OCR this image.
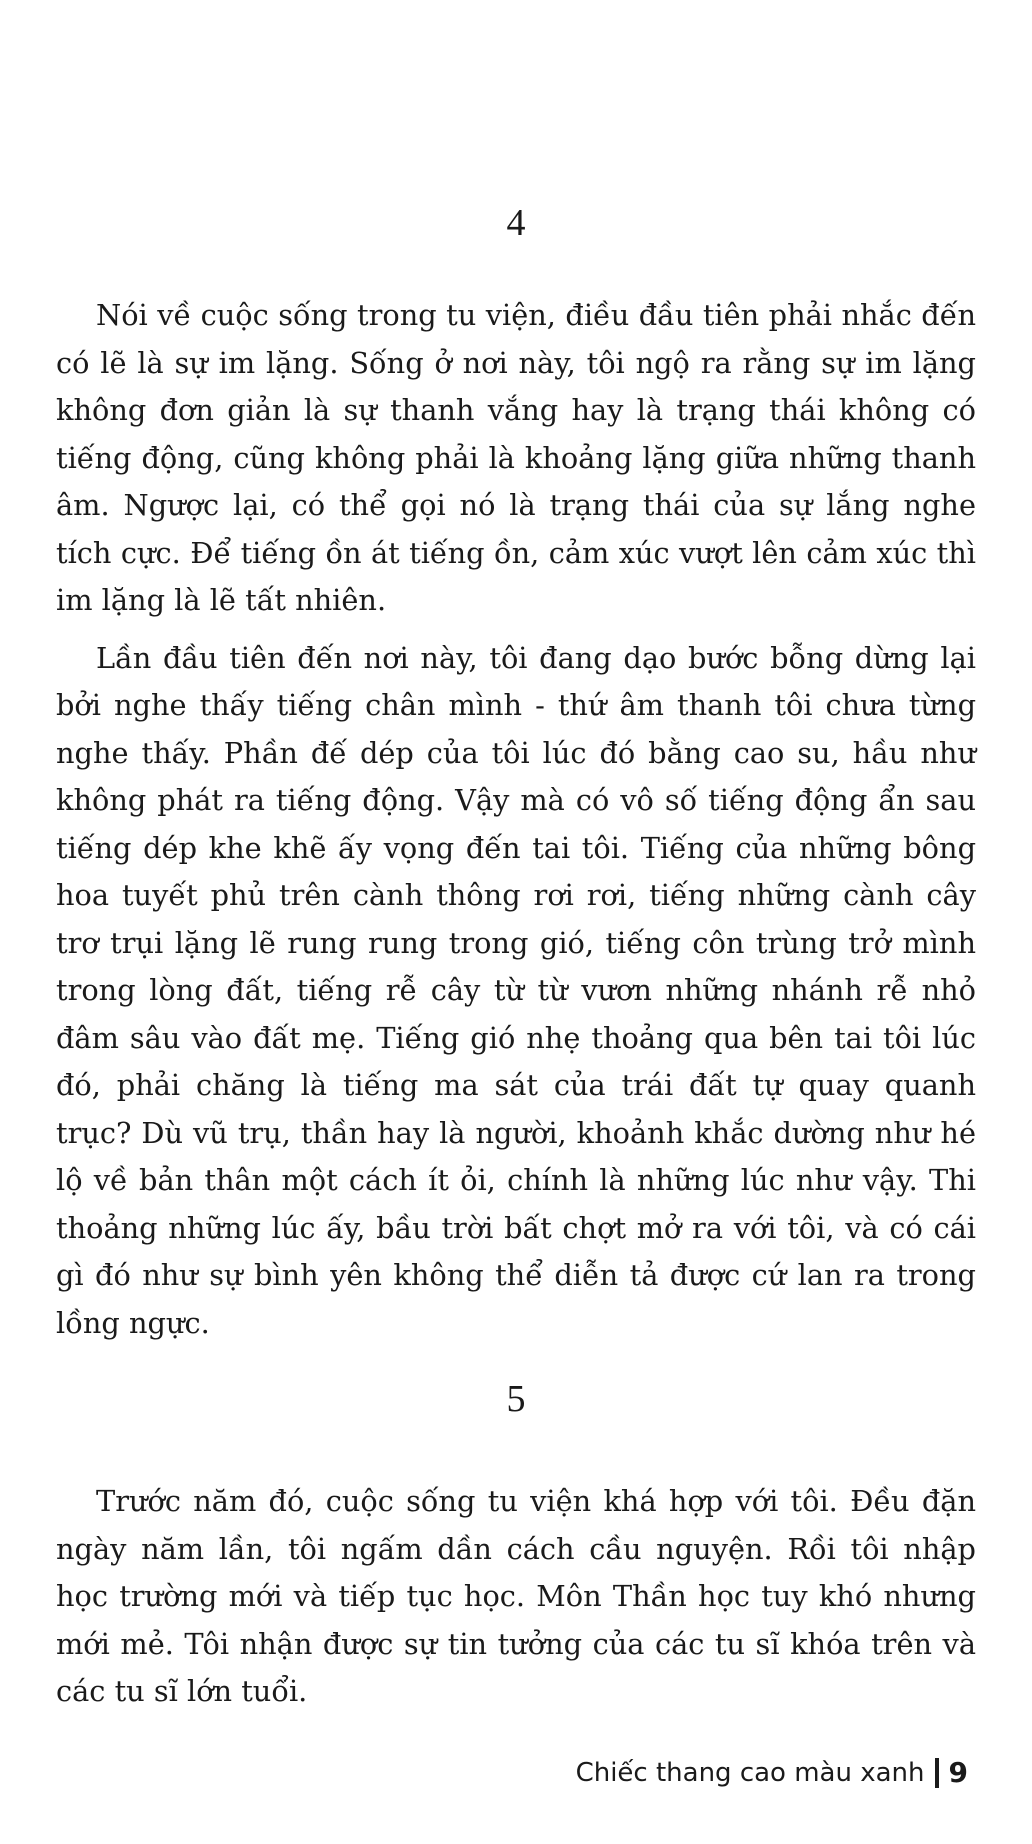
4

Nói về cuộc sống trong tu viện, điều đầu tiên phải nhắc đến có lẽ là sự im lặng. Sống ở nơi này, tôi ngộ ra rằng sự im lặng không đơn giản là sự thanh vắng hay là trạng thái không có tiếng động, cũng không phải là khoảng lặng giữa những thanh âm. Ngược lại, có thể gọi nó là trạng thái của sự lắng nghe tích cực. Để tiếng ồn át tiếng ồn, cảm xúc vượt lên cảm xúc thì im lặng là lẽ tất nhiên.

Lần đầu tiên đến nơi này, tôi đang dạo bước bỗng dừng lại bởi nghe thấy tiếng chân mình - thứ âm thanh tôi chưa từng nghe thấy. Phần đế dép của tôi lúc đó bằng cao su, hầu như không phát ra tiếng động. Vậy mà có vô số tiếng động ẩn sau tiếng dép khe khẽ ấy vọng đến tai tôi. Tiếng của những bông hoa tuyết phủ trên cành thông rơi rơi, tiếng những cành cây trơ trụi lặng lẽ rung rung trong gió, tiếng côn trùng trở mình trong lòng đất, tiếng rễ cây từ từ vươn những nhánh rễ nhỏ đâm sâu vào đất mẹ. Tiếng gió nhẹ thoảng qua bên tai tôi lúc đó, phải chăng là tiếng ma sát của trái đất tự quay quanh trục? Dù vũ trụ, thần hay là người, khoảnh khắc dường như hé lộ về bản thân một cách ít ỏi, chính là những lúc như vậy. Thi thoảng những lúc ấy, bầu trời bất chợt mở ra với tôi, và có cái gì đó như sự bình yên không thể diễn tả được cứ lan ra trong lồng ngực.

5

Trước năm đó, cuộc sống tu viện khá hợp với tôi. Đều đặn ngày năm lần, tôi ngấm dần cách cầu nguyện. Rồi tôi nhập học trường mới và tiếp tục học. Môn Thần học tuy khó nhưng mới mẻ. Tôi nhận được sự tin tưởng của các tu sĩ khóa trên và các tu sĩ lớn tuổi.

Chiếc thang cao màu xanh 9
